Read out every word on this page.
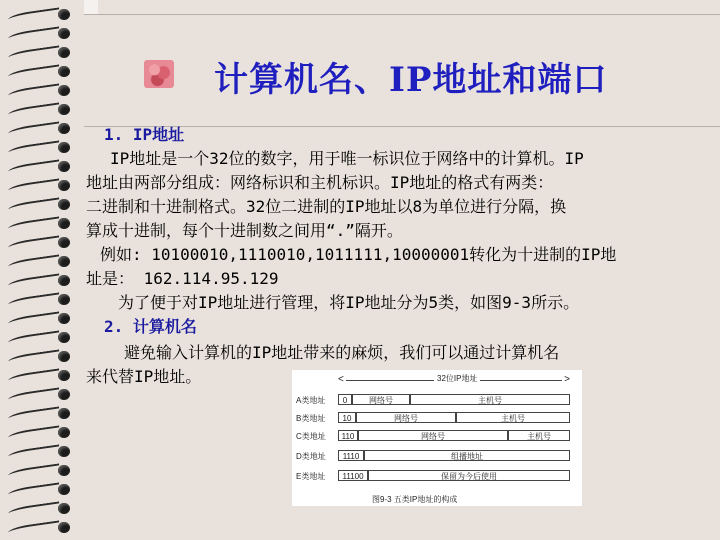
计算机名、IP地址和端口
1. IP地址
IP地址是一个32位的数字，用于唯一标识位于网络中的计算机。IP
地址由两部分组成：网络标识和主机标识。IP地址的格式有两类：
二进制和十进制格式。32位二进制的IP地址以8为单位进行分隔，换
算成十进制，每个十进制数之间用“.”隔开。
例如: 10100010,1110010,1011111,10000001转化为十进制的IP地
址是： 162.114.95.129
为了便于对IP地址进行管理，将IP地址分为5类，如图9-3所示。
2. 计算机名
避免输入计算机的IP地址带来的麻烦，我们可以通过计算机名
来代替IP地址。	<	32位IP地址	>
A类地址	0	网络号	主机号
B类地址	10	网络号	主机号
C类地址	110	网络号	主机号
D类地址	1110	组播地址
E类地址	11100	保留为今后使用
图9-3 五类IP地址的构成
